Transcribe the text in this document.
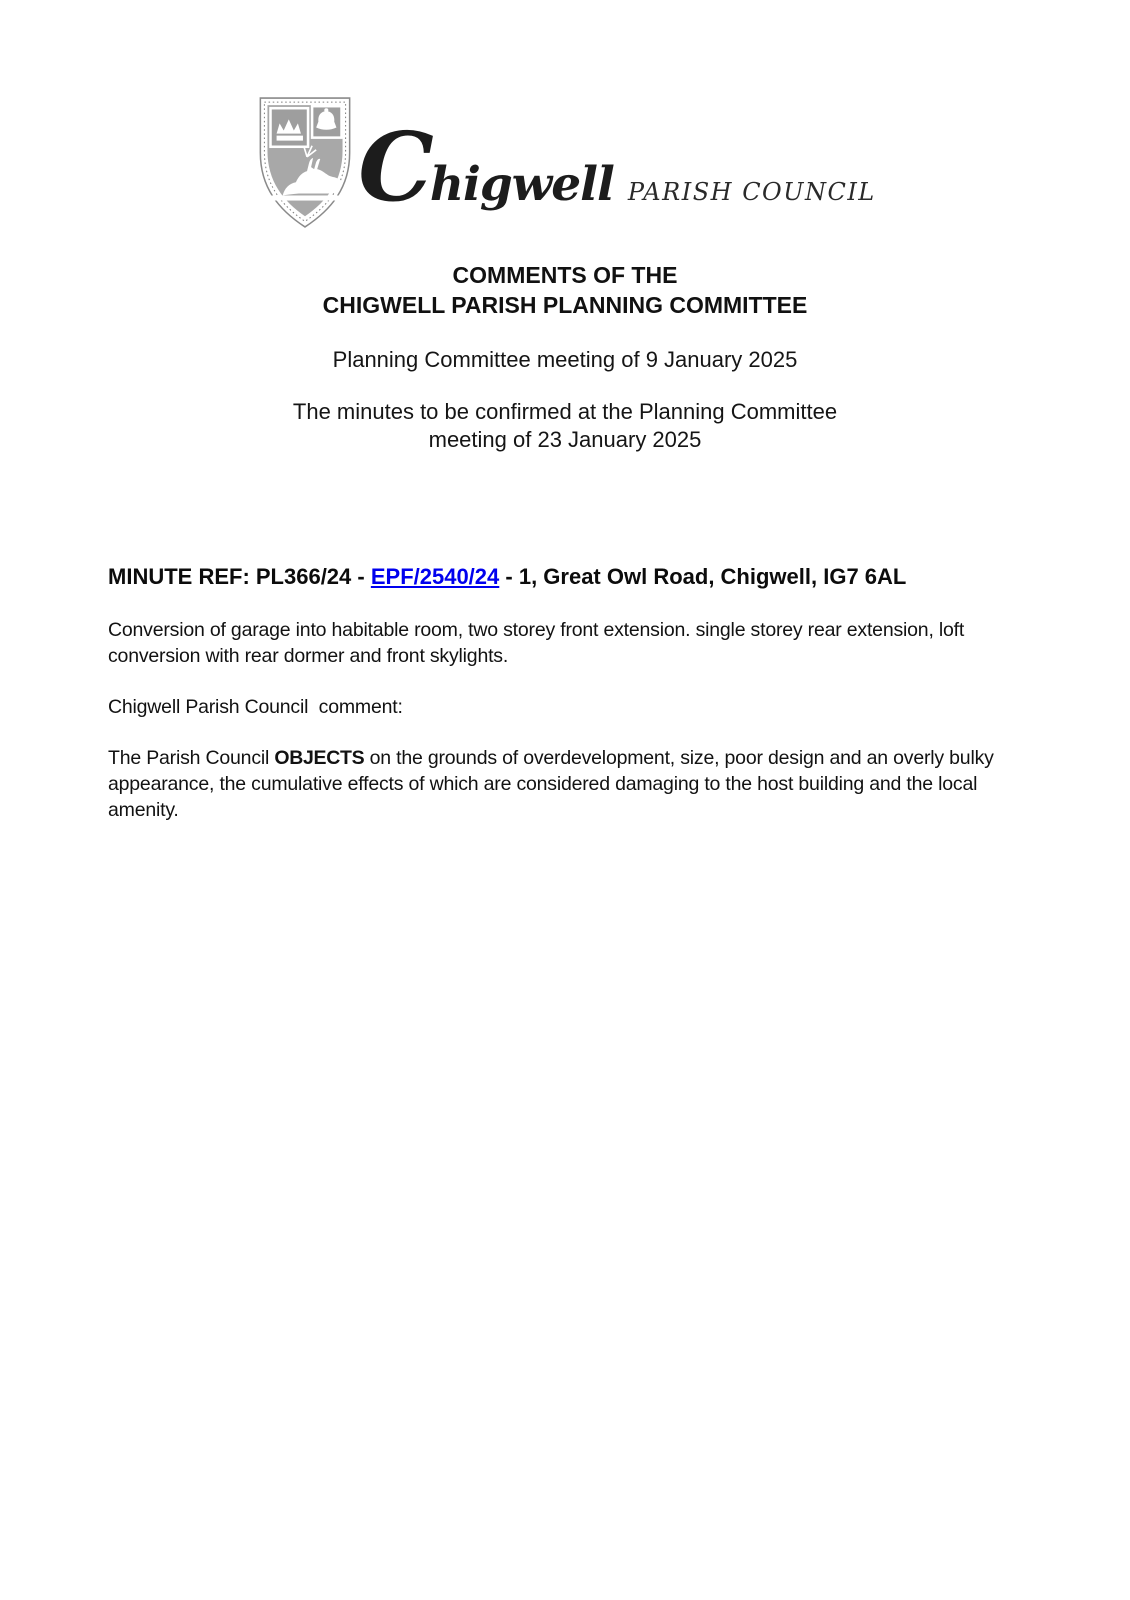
C higwell PARISH COUNCIL
COMMENTS OF THE
CHIGWELL PARISH PLANNING COMMITTEE
Planning Committee meeting of 9 January 2025
The minutes to be confirmed at the Planning Committee
meeting of 23 January 2025
MINUTE REF: PL366/24 - EPF/2540/24 - 1, Great Owl Road, Chigwell, IG7 6AL
Conversion of garage into habitable room, two storey front extension. single storey rear extension, loft conversion with rear dormer and front skylights.
Chigwell Parish Council  comment:
The Parish Council OBJECTS on the grounds of overdevelopment, size, poor design and an overly bulky appearance, the cumulative effects of which are considered damaging to the host building and the local amenity.
